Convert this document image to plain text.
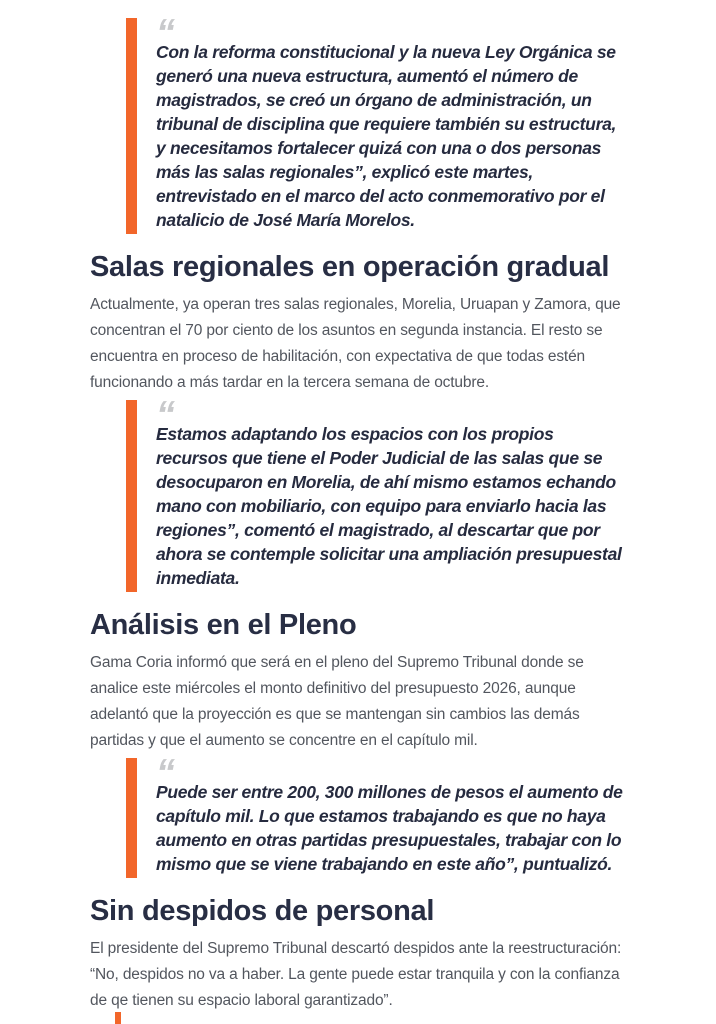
“

Con la reforma constitucional y la nueva Ley Orgánica se generó una nueva estructura, aumentó el número de magistrados, se creó un órgano de administración, un tribunal de disciplina que requiere también su estructura, y necesitamos fortalecer quizá con una o dos personas más las salas regionales”, explicó este martes, entrevistado en el marco del acto conmemorativo por el natalicio de José María Morelos.

Salas regionales en operación gradual

Actualmente, ya operan tres salas regionales, Morelia, Uruapan y Zamora, que concentran el 70 por ciento de los asuntos en segunda instancia. El resto se encuentra en proceso de habilitación, con expectativa de que todas estén funcionando a más tardar en la tercera semana de octubre.

“

Estamos adaptando los espacios con los propios recursos que tiene el Poder Judicial de las salas que se desocuparon en Morelia, de ahí mismo estamos echando mano con mobiliario, con equipo para enviarlo hacia las regiones”, comentó el magistrado, al descartar que por ahora se contemple solicitar una ampliación presupuestal inmediata.

Análisis en el Pleno

Gama Coria informó que será en el pleno del Supremo Tribunal donde se analice este miércoles el monto definitivo del presupuesto 2026, aunque adelantó que la proyección es que se mantengan sin cambios las demás partidas y que el aumento se concentre en el capítulo mil.

“

Puede ser entre 200, 300 millones de pesos el aumento de capítulo mil. Lo que estamos trabajando es que no haya aumento en otras partidas presupuestales, trabajar con lo mismo que se viene trabajando en este año”, puntualizó.

Sin despidos de personal

El presidente del Supremo Tribunal descartó despidos ante la reestructuración: “No, despidos no va a haber. La gente puede estar tranquila y con la confianza de qe tienen su espacio laboral garantizado”.
